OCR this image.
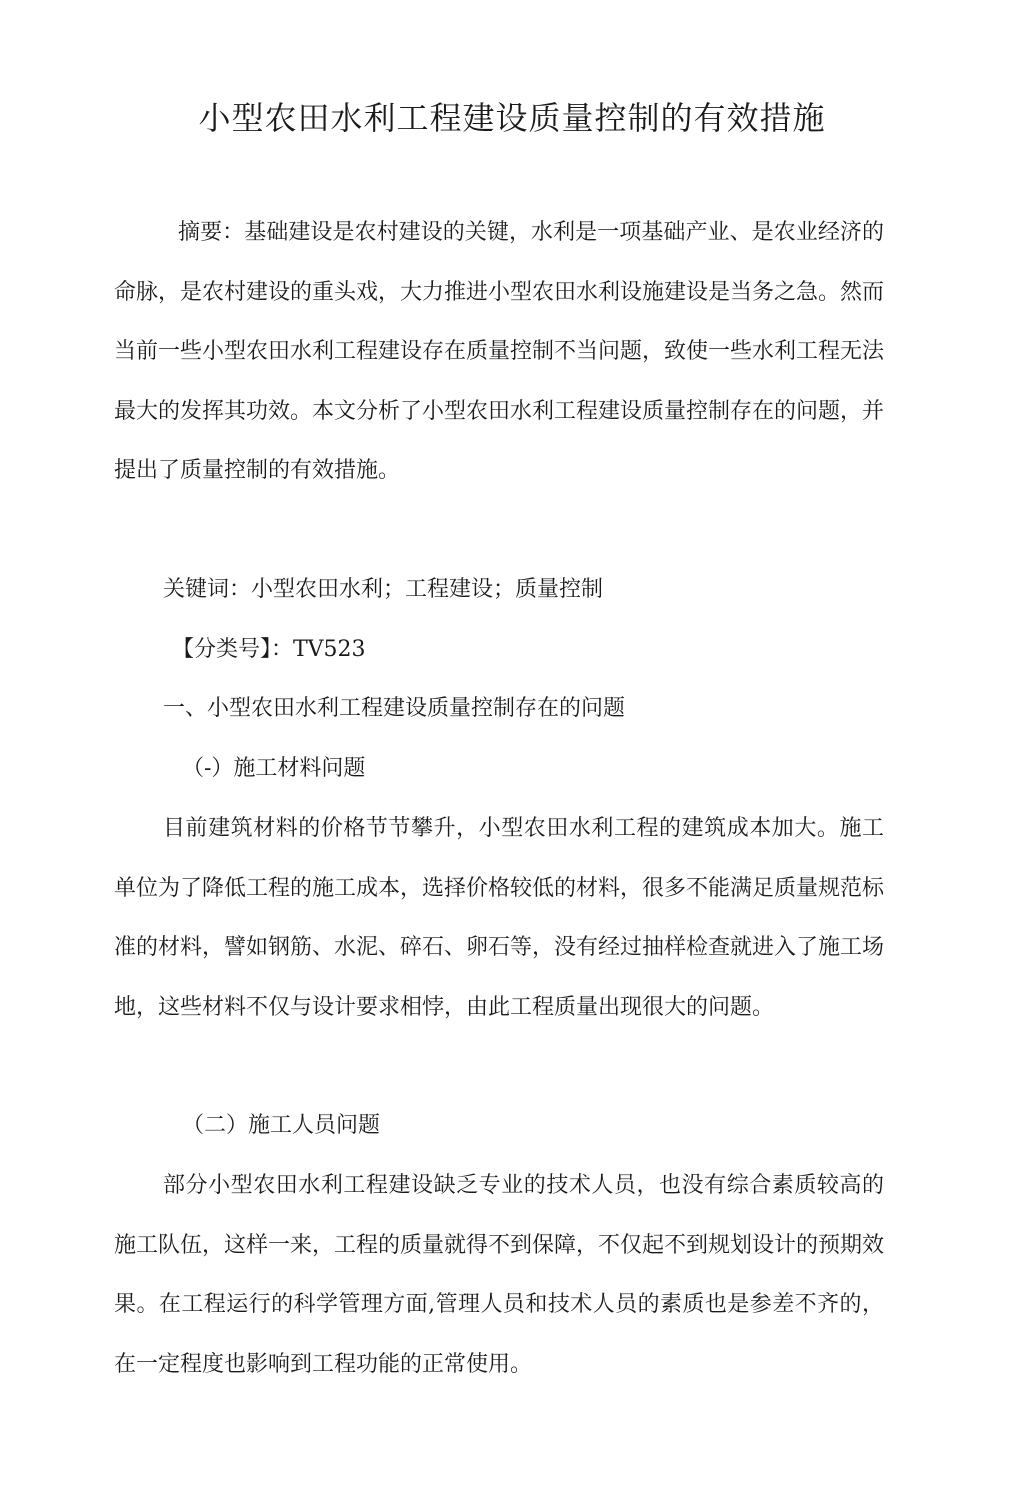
小型农田水利工程建设质量控制的有效措施

摘要：基础建设是农村建设的关键，水利是一项基础产业、是农业经济的命脉，是农村建设的重头戏，大力推进小型农田水利设施建设是当务之急。然而当前一些小型农田水利工程建设存在质量控制不当问题，致使一些水利工程无法最大的发挥其功效。本文分析了小型农田水利工程建设质量控制存在的问题，并提出了质量控制的有效措施。

关键词：小型农田水利；工程建设；质量控制
【分类号】：TV523
一、小型农田水利工程建设质量控制存在的问题
（-）施工材料问题

目前建筑材料的价格节节攀升，小型农田水利工程的建筑成本加大。施工单位为了降低工程的施工成本，选择价格较低的材料，很多不能满足质量规范标准的材料，譬如钢筋、水泥、碎石、卵石等，没有经过抽样检查就进入了施工场地，这些材料不仅与设计要求相悖，由此工程质量出现很大的问题。

（二）施工人员问题

部分小型农田水利工程建设缺乏专业的技术人员，也没有综合素质较高的施工队伍，这样一来，工程的质量就得不到保障，不仅起不到规划设计的预期效果。在工程运行的科学管理方面,管理人员和技术人员的素质也是参差不齐的，在一定程度也影响到工程功能的正常使用。
